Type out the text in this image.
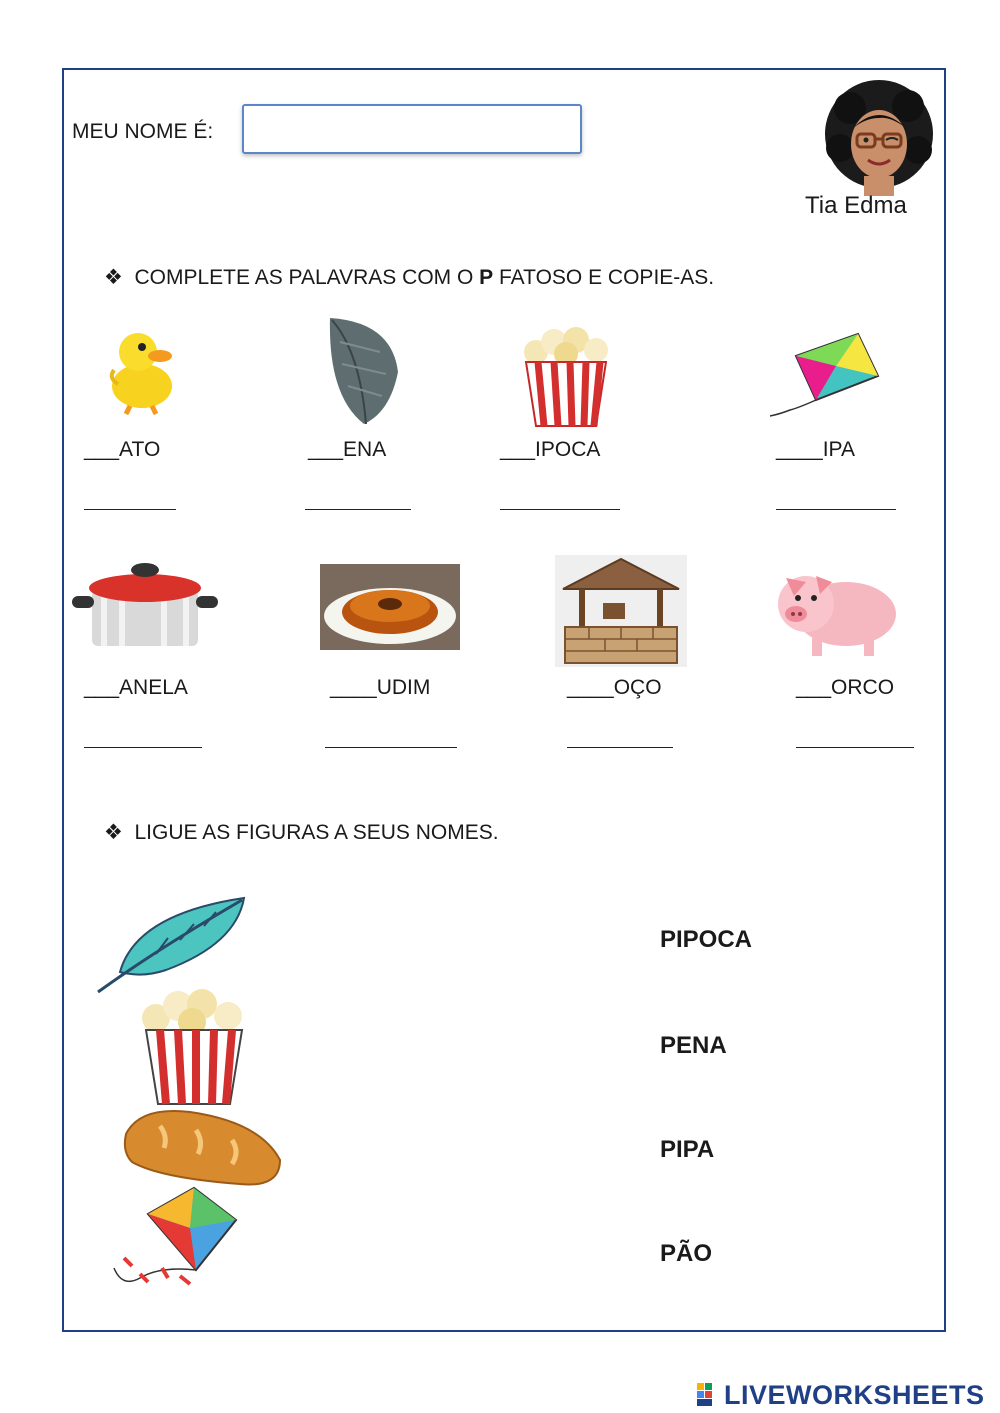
MEU NOME É:
Tia Edma
❖ COMPLETE AS PALAVRAS COM O P FATOSO E COPIE-AS.
___ATO	___ENA	___IPOCA	____IPA
___ANELA	____UDIM	____OÇO	___ORCO
❖ LIGUE AS FIGURAS A SEUS NOMES.
PIPOCA
PENA
PIPA
PÃO
LIVEWORKSHEETS
